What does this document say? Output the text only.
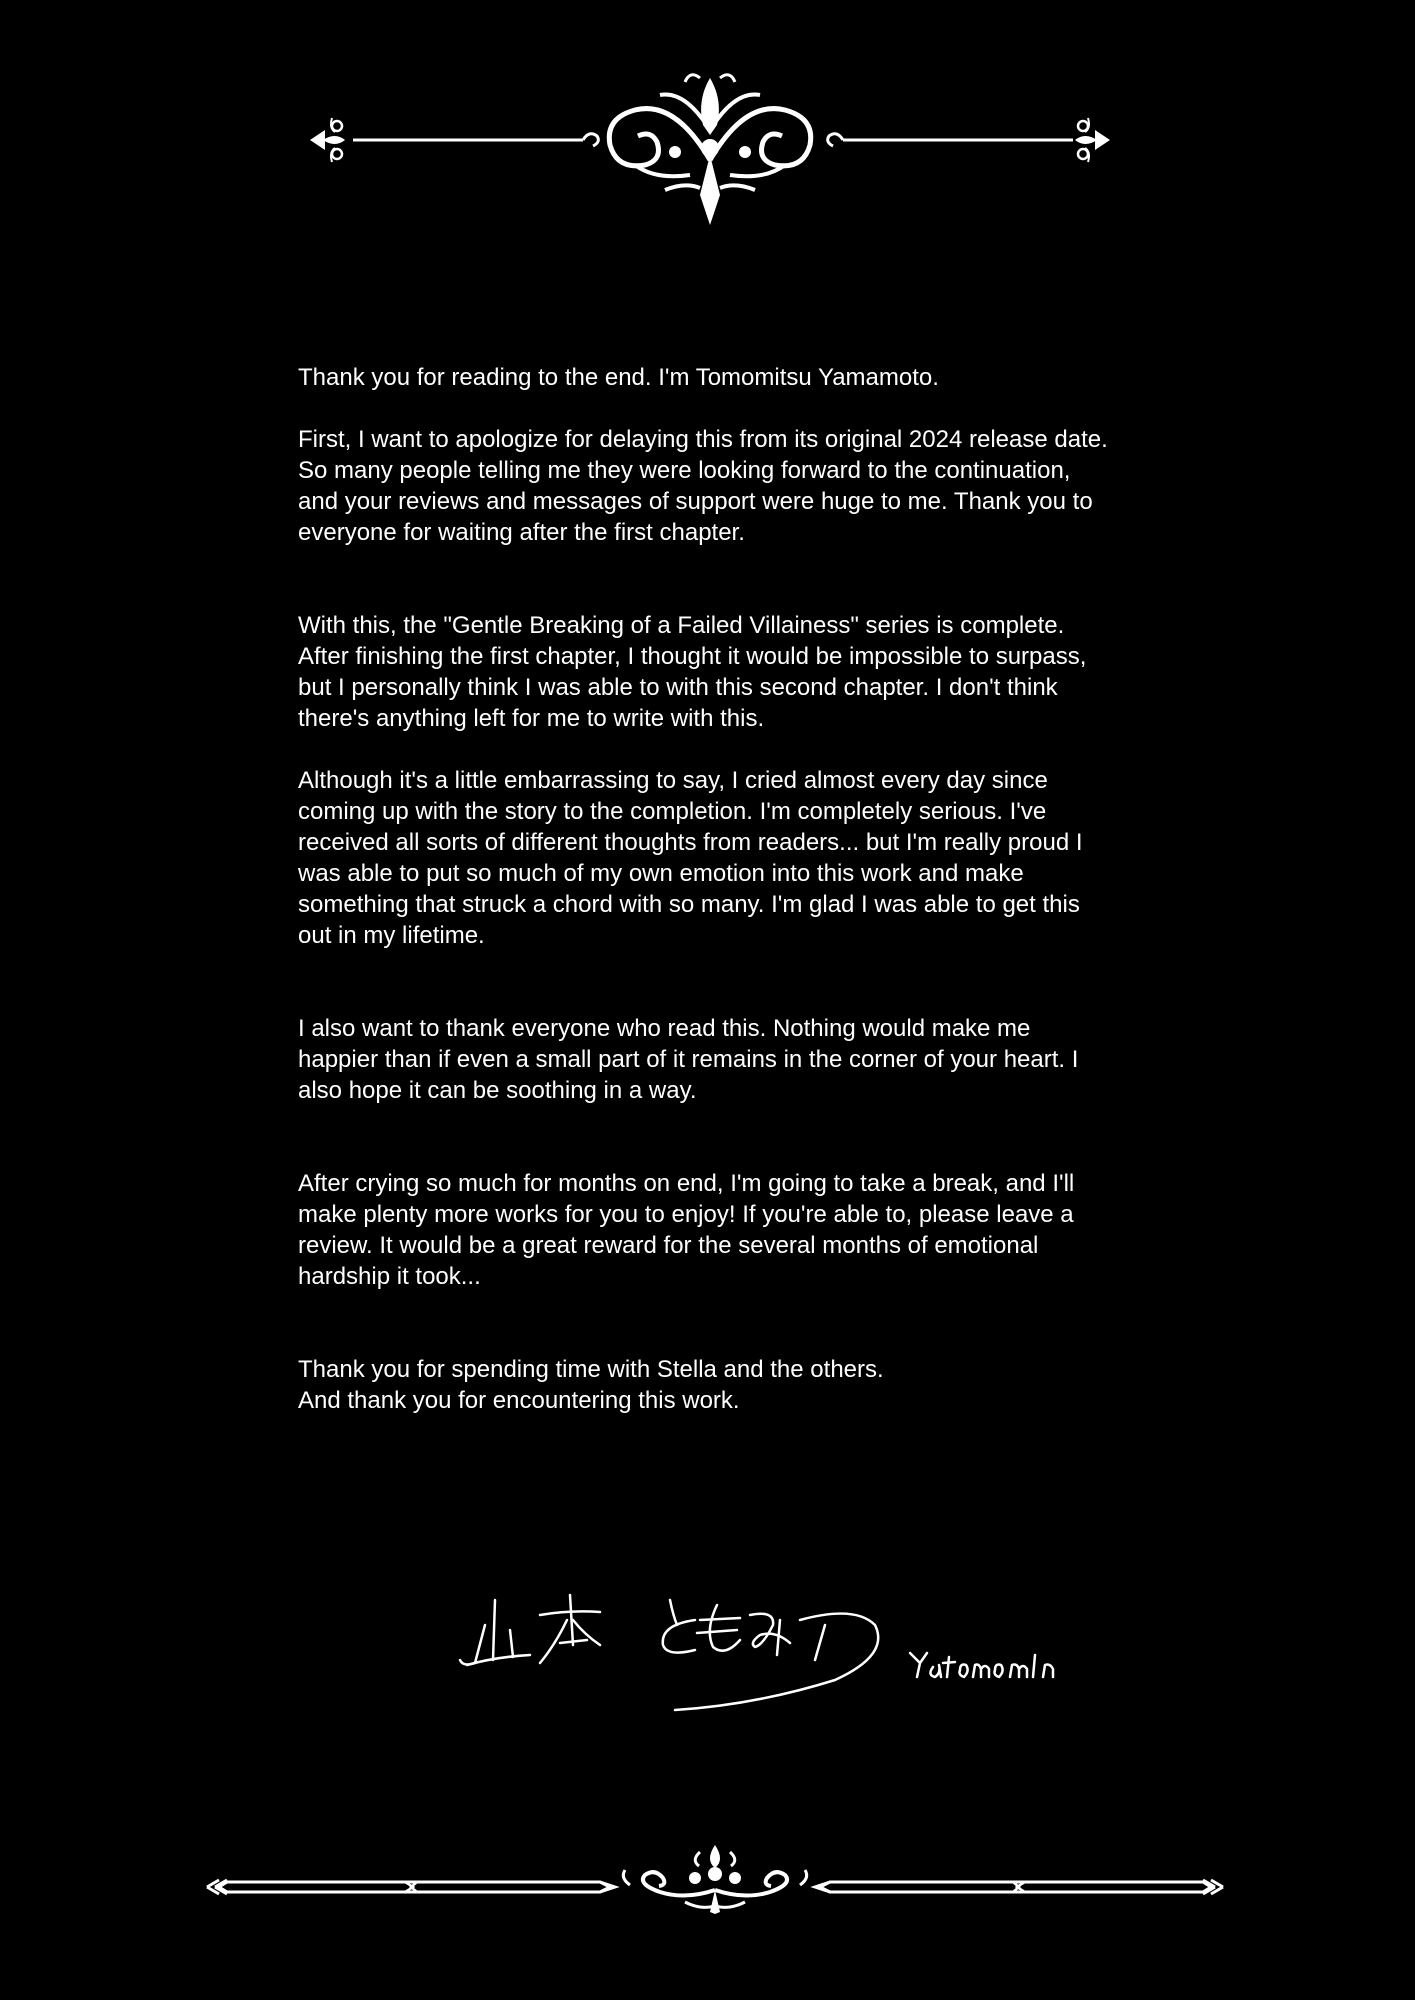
Thank you for reading to the end. I'm Tomomitsu Yamamoto.

First, I want to apologize for delaying this from its original 2024 release date.
So many people telling me they were looking forward to the continuation,
and your reviews and messages of support were huge to me. Thank you to
everyone for waiting after the first chapter.

With this, the "Gentle Breaking of a Failed Villainess" series is complete.
After finishing the first chapter, I thought it would be impossible to surpass,
but I personally think I was able to with this second chapter. I don't think
there's anything left for me to write with this.

Although it's a little embarrassing to say, I cried almost every day since
coming up with the story to the completion. I'm completely serious. I've
received all sorts of different thoughts from readers... but I'm really proud I
was able to put so much of my own emotion into this work and make
something that struck a chord with so many. I'm glad I was able to get this
out in my lifetime.

I also want to thank everyone who read this. Nothing would make me
happier than if even a small part of it remains in the corner of your heart. I
also hope it can be soothing in a way.

After crying so much for months on end, I'm going to take a break, and I'll
make plenty more works for you to enjoy! If you're able to, please leave a
review. It would be a great reward for the several months of emotional
hardship it took...

Thank you for spending time with Stella and the others.
And thank you for encountering this work.
